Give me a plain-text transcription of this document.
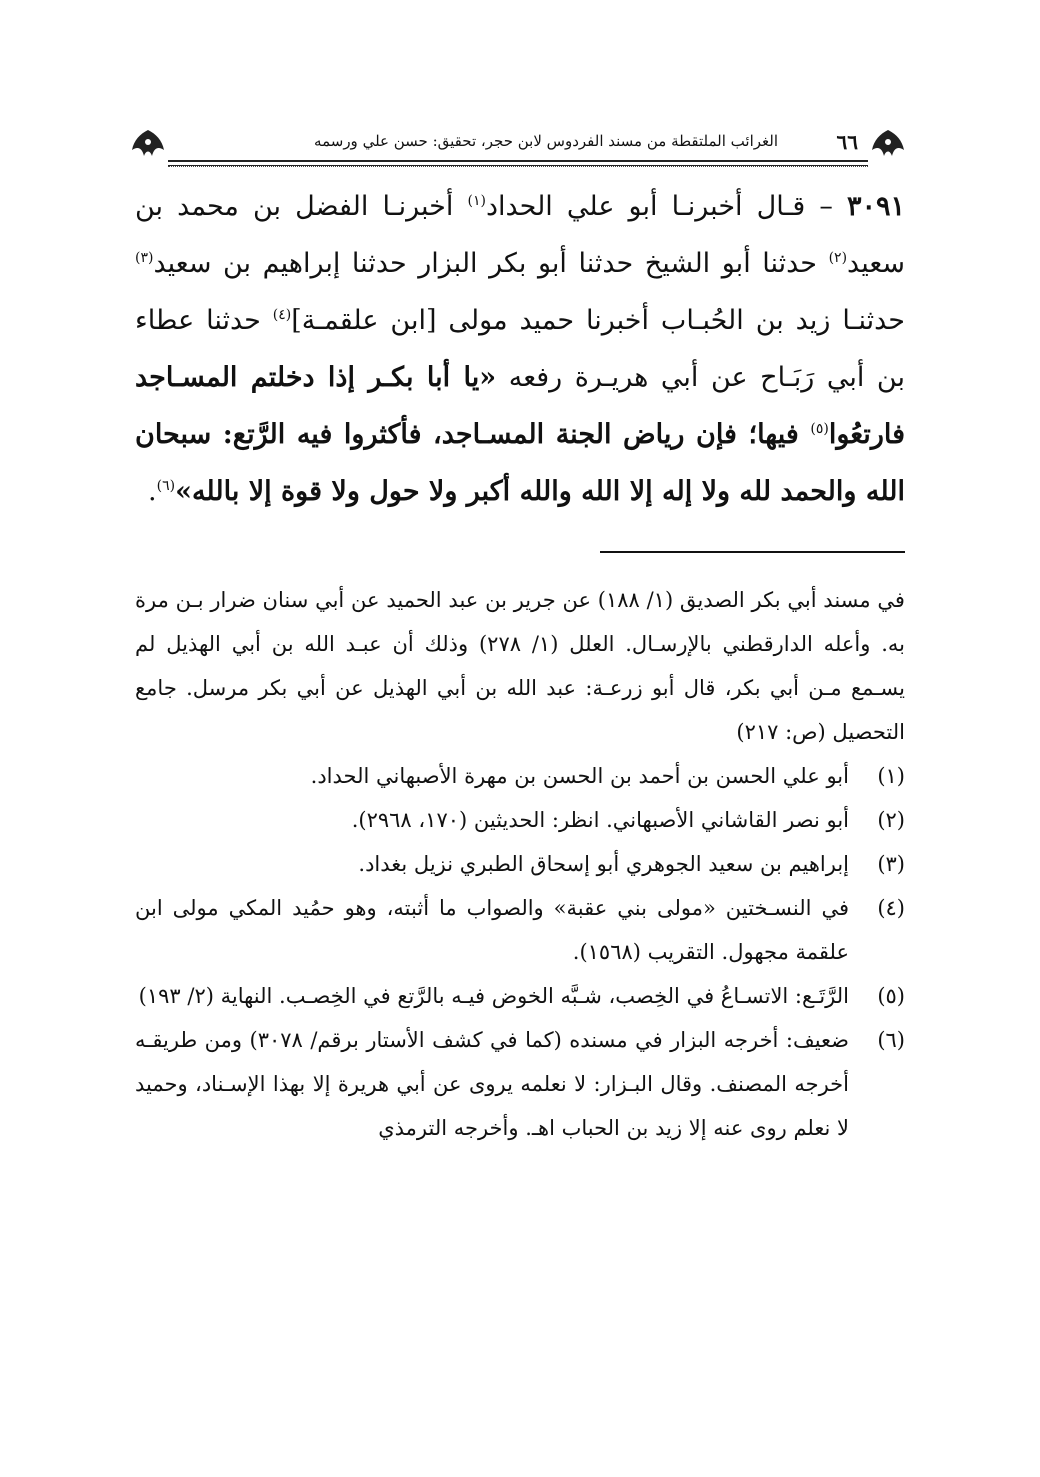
٦٦
الغرائب الملتقطة من مسند الفردوس لابن حجر، تحقيق: حسن علي ورسمه
٣٠٩١ – قـال أخبرنـا أبو علي الحداد$^{(١)}$ أخبرنـا الفضل بن محمد بن سعيد$^{(٢)}$ حدثنا أبو الشيخ حدثنا أبو بكر البزار حدثنا إبراهيم بن سعيد$^{(٣)}$ حدثنـا زيد بن الحُبـاب أخبرنا حميد مولى [ابن علقمـة]$^{(٤)}$ حدثنا عطاء بن أبي رَبَـاح عن أبي هريـرة رفعه «يا أبا بكـر إذا دخلتم المسـاجد فارتعُوا$^{(٥)}$ فيها؛ فإن رياض الجنة المسـاجد، فأكثروا فيه الرَّتع: سبحان الله والحمد لله ولا إله إلا الله والله أكبر ولا حول ولا قوة إلا بالله»$^{(٦)}$.

في مسند أبي بكر الصديق (١/ ١٨٨) عن جرير بن عبد الحميد عن أبي سنان ضرار بـن مرة به. وأعله الدارقطني بالإرسـال. العلل (١/ ٢٧٨) وذلك أن عبـد الله بن أبي الهذيل لم يسـمع مـن أبي بكر، قال أبو زرعـة: عبد الله بن أبي الهذيل عن أبي بكر مرسل. جامع التحصيل (ص: ٢١٧)

(١)
أبو علي الحسن بن أحمد بن الحسن بن مهرة الأصبهاني الحداد.
(٢)
أبو نصر القاشاني الأصبهاني. انظر: الحديثين (١٧٠، ٢٩٦٨).
(٣)
إبراهيم بن سعيد الجوهري أبو إسحاق الطبري نزيل بغداد.
(٤)
في النسـختين «مولى بني عقبة» والصواب ما أثبته، وهو حمُيد المكي مولى ابن علقمة مجهول. التقريب (١٥٦٨).
(٥)
الرَّتَـع: الاتسـاعُ في الخِصب، شـبَّه الخوض فيـه بالرَّتع في الخِصـب. النهاية (٢/ ١٩٣)
(٦)
ضعيف: أخرجه البزار في مسنده (كما في كشف الأستار برقم/ ٣٠٧٨) ومن طريقـه أخرجه المصنف. وقال البـزار: لا نعلمه يروى عن أبي هريرة إلا بهذا الإسـناد، وحميد لا نعلم روى عنه إلا زيد بن الحباب اهـ. وأخرجه الترمذي
